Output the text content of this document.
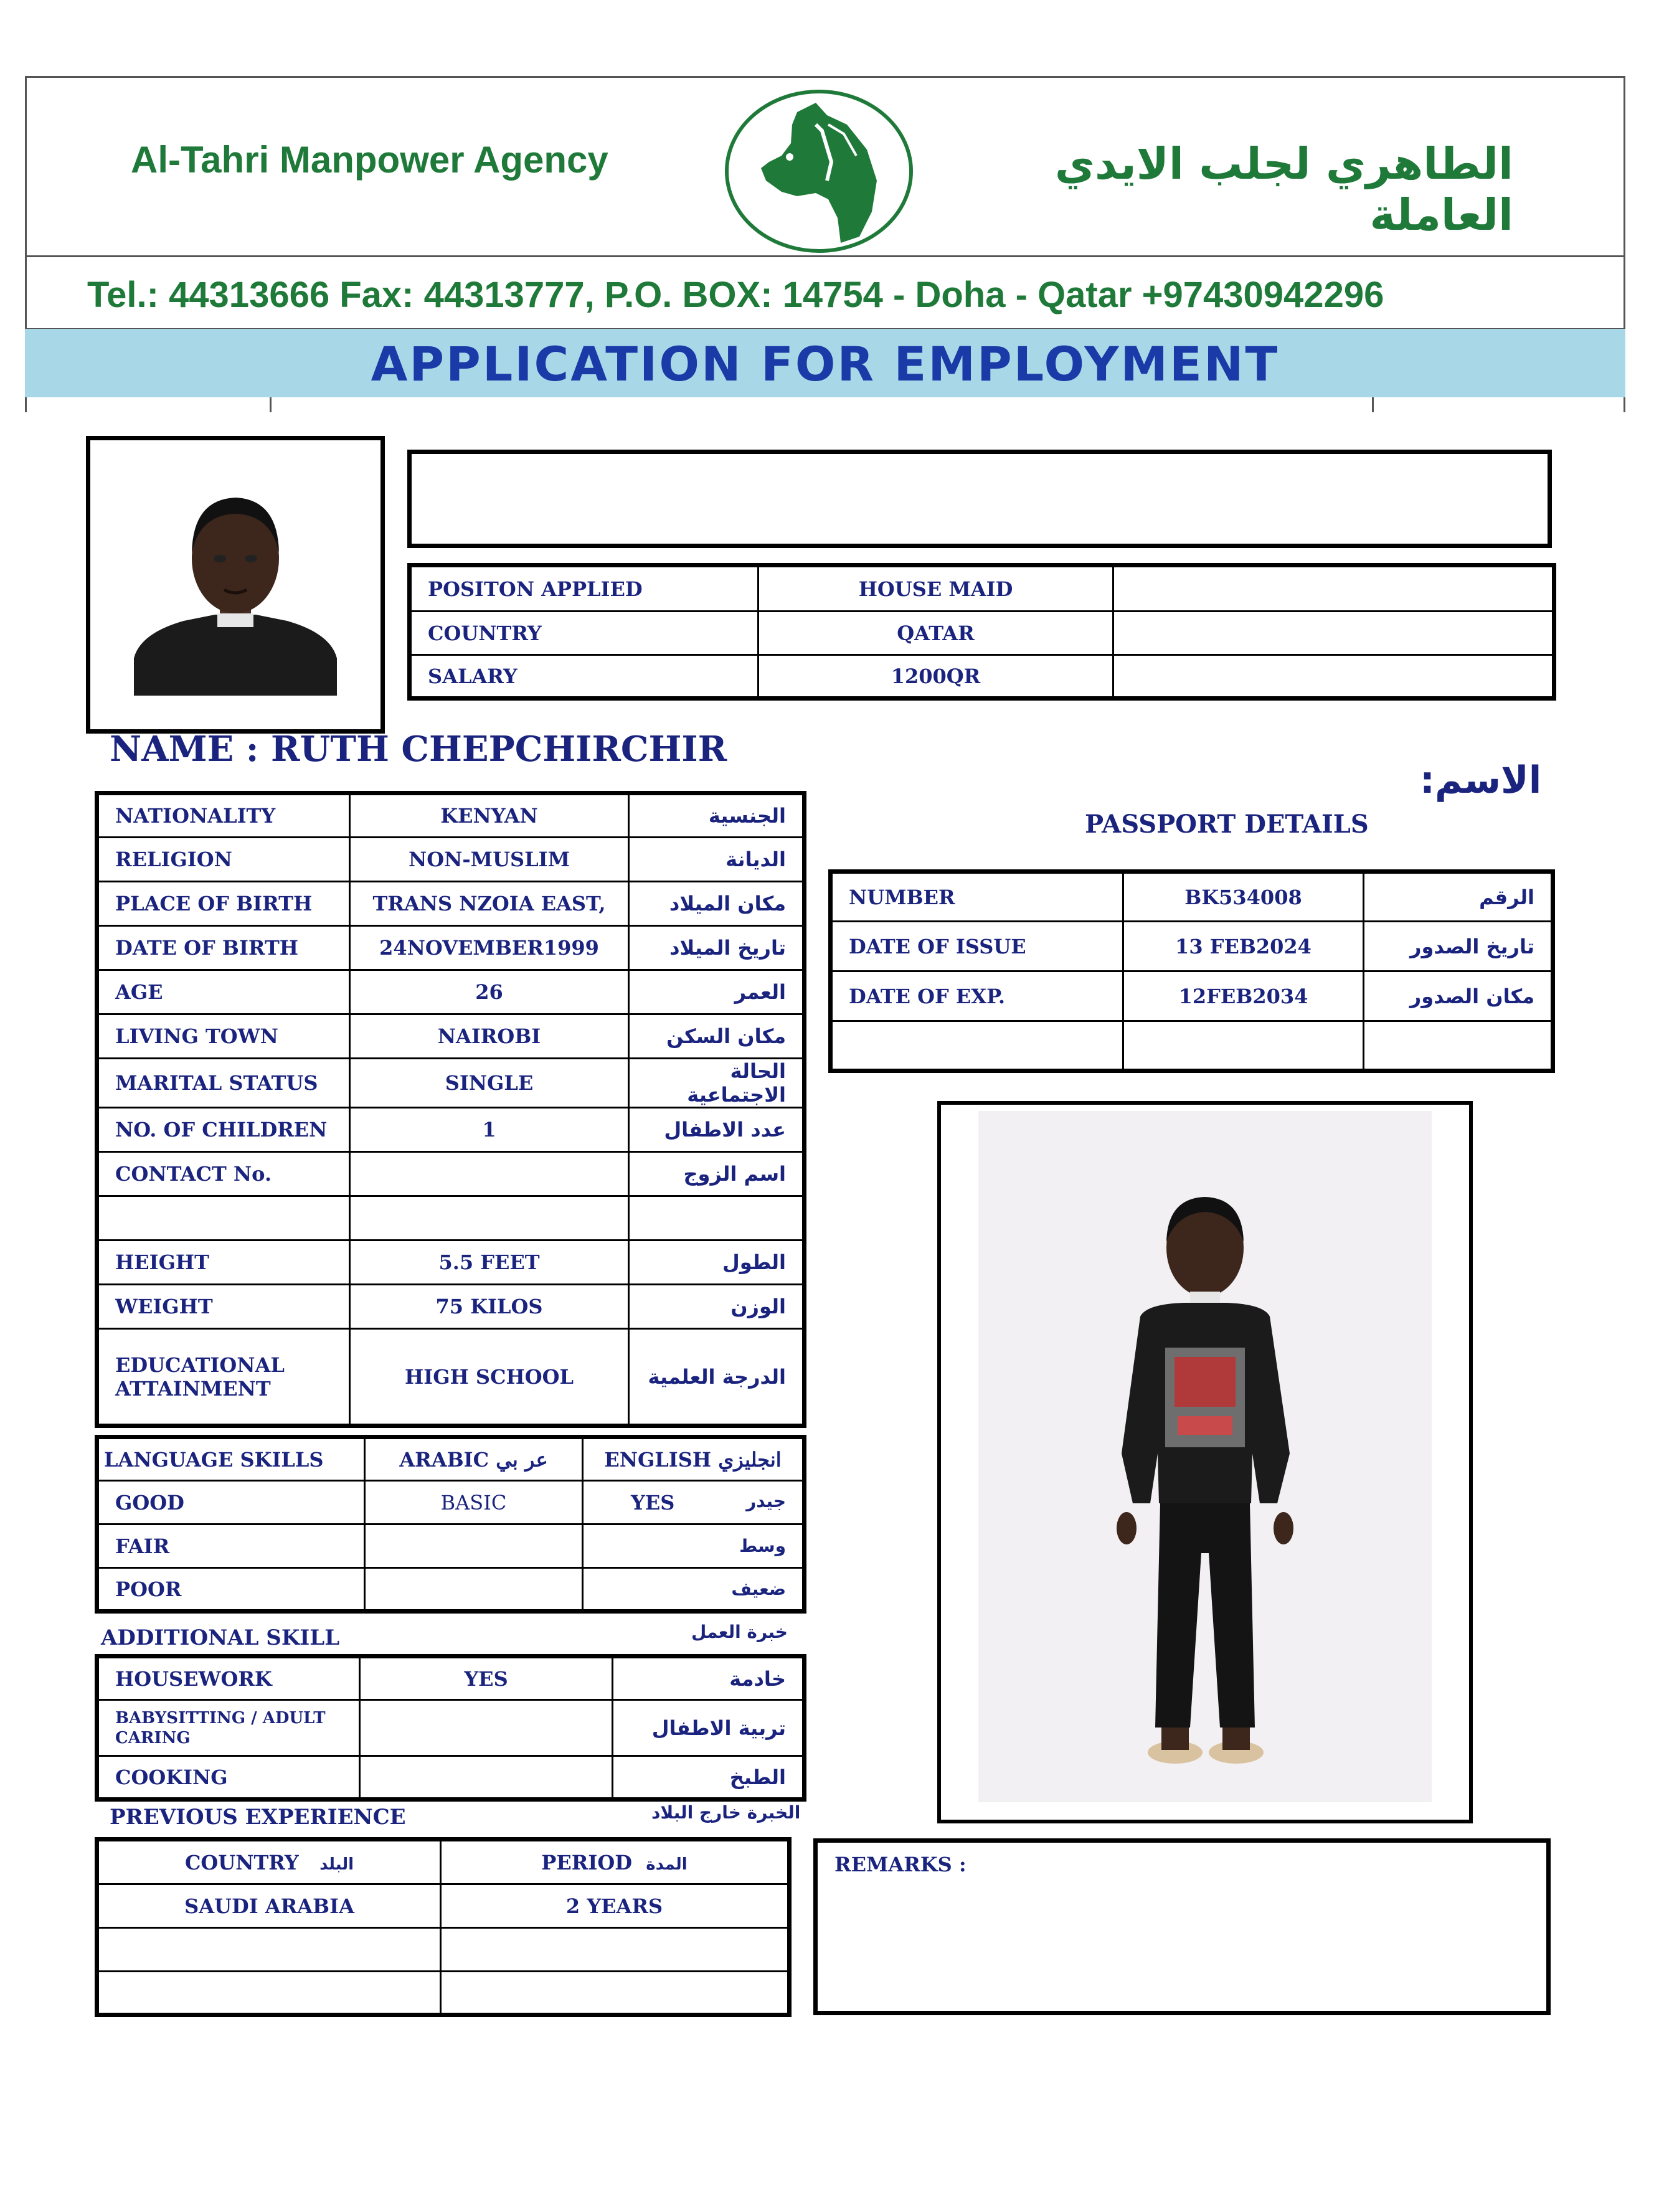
Al-Tahri Manpower Agency	الطاهري لجلب الايدي العاملة
Tel.: 44313666 Fax: 44313777, P.O. BOX: 14754 - Doha - Qatar +97430942296
APPLICATION FOR EMPLOYMENT
POSITON APPLIED	HOUSE MAID	
COUNTRY	QATAR	
SALARY	1200QR	
NAME : RUTH CHEPCHIRCHIR
الاسم:
NATIONALITY	KENYAN	الجنسية
RELIGION	NON-MUSLIM	الديانة
PLACE OF BIRTH	TRANS NZOIA EAST,	مكان الميلاد
DATE OF BIRTH	24NOVEMBER1999	تاريخ الميلاد
AGE	26	العمر
LIVING TOWN	NAIROBI	مكان السكن
MARITAL STATUS	SINGLE	الحالة الاجتماعية
NO. OF CHILDREN	1	عدد الاطفال
CONTACT No.		اسم الزوج

HEIGHT	5.5 FEET	الطول
WEIGHT	75 KILOS	الوزن
EDUCATIONAL ATTAINMENT	HIGH SCHOOL	الدرجة العلمية
PASSPORT DETAILS
NUMBER	BK534008	الرقم
DATE OF ISSUE	13 FEB2024	تاريخ الصدور
DATE OF EXP.	12FEB2034	مكان الصدور

LANGUAGE SKILLS	ARABIC عر بي	ENGLISH انجليزي
GOOD	BASIC	YES جيدر

FAIR		وسط

POOR		ضعيف
ADDITIONAL SKILL	خبرة العمل
HOUSEWORK	YES	خادمة
BABYSITTING / ADULT CARING		تربية الاطفال
COOKING		الطبخ
PREVIOUS EXPERIENCE	الخبرة خارج البلاد
COUNTRY البلد	PERIOD المدة
SAUDI ARABIA	2 YEARS

REMARKS :
